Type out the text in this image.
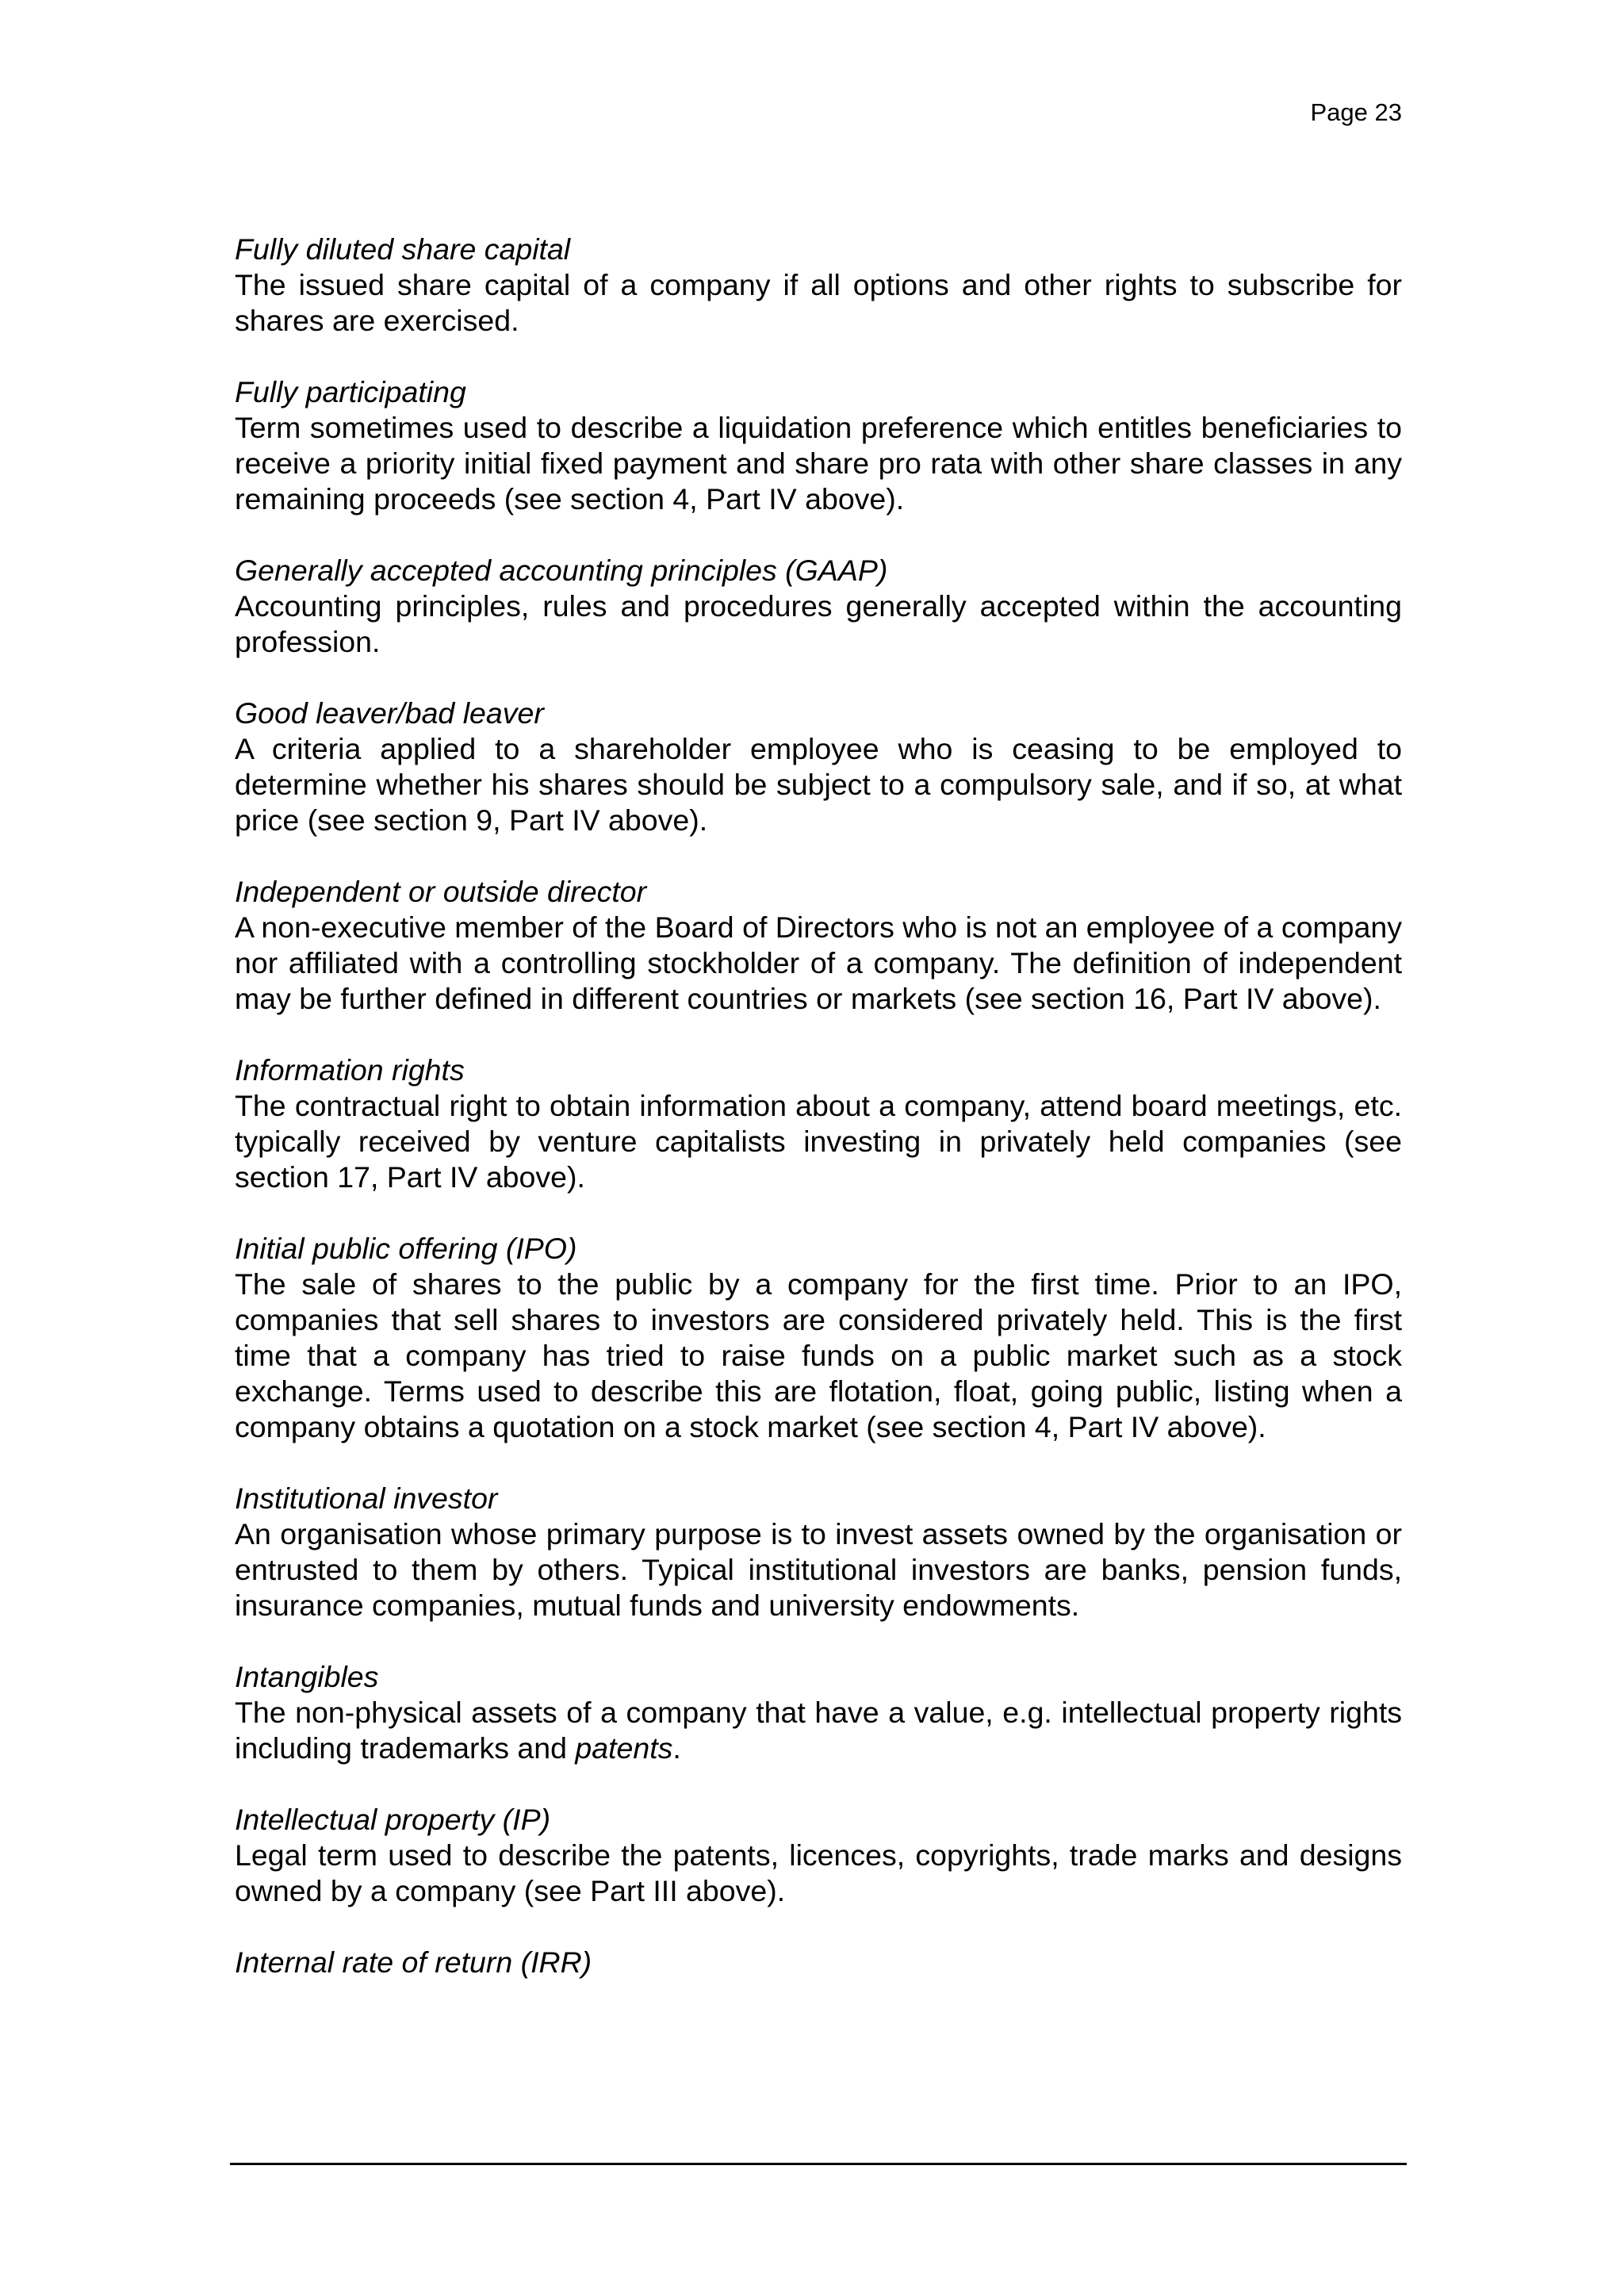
Page 23

Fully diluted share capital

The issued share capital of a company if all options and other rights to subscribe for shares are exercised.

Fully participating

Term sometimes used to describe a liquidation preference which entitles beneficiaries to receive a priority initial fixed payment and share pro rata with other share classes in any remaining proceeds (see section 4, Part IV above).

Generally accepted accounting principles (GAAP)

Accounting principles, rules and procedures generally accepted within the accounting profession.

Good leaver/bad leaver

A criteria applied to a shareholder employee who is ceasing to be employed to determine whether his shares should be subject to a compulsory sale, and if so, at what price (see section 9, Part IV above).

Independent or outside director

A non-executive member of the Board of Directors who is not an employee of a company nor affiliated with a controlling stockholder of a company. The definition of independent may be further defined in different countries or markets (see section 16, Part IV above).

Information rights

The contractual right to obtain information about a company, attend board meetings, etc. typically received by venture capitalists investing in privately held companies (see section 17, Part IV above).

Initial public offering (IPO)

The sale of shares to the public by a company for the first time. Prior to an IPO, companies that sell shares to investors are considered privately held. This is the first time that a company has tried to raise funds on a public market such as a stock exchange. Terms used to describe this are flotation, float, going public, listing when a company obtains a quotation on a stock market (see section 4, Part IV above).

Institutional investor

An organisation whose primary purpose is to invest assets owned by the organisation or entrusted to them by others. Typical institutional investors are banks, pension funds, insurance companies, mutual funds and university endowments.

Intangibles

The non-physical assets of a company that have a value, e.g. intellectual property rights including trademarks and patents.

Intellectual property (IP)

Legal term used to describe the patents, licences, copyrights, trade marks and designs owned by a company (see Part III above).

Internal rate of return (IRR)
